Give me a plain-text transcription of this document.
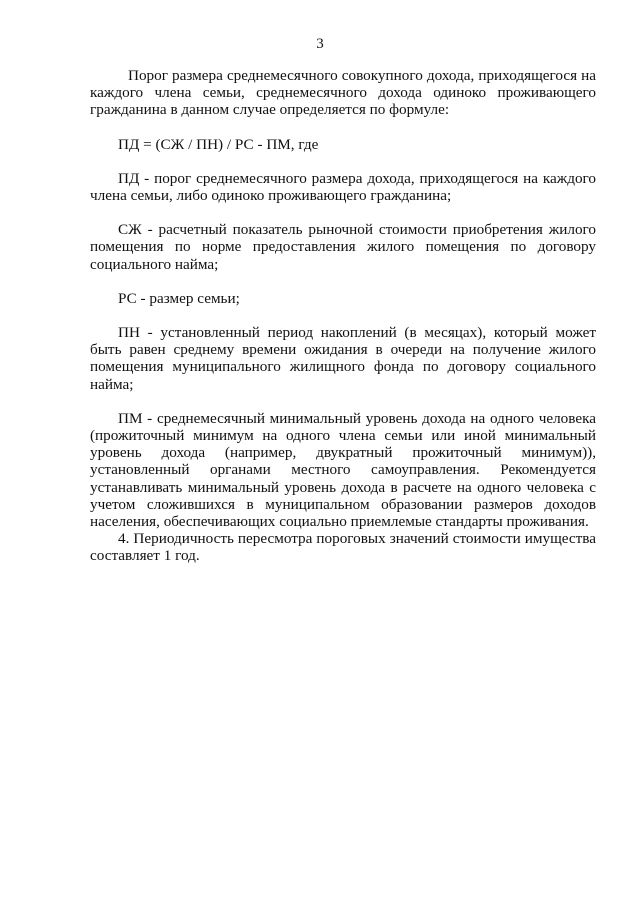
3

Порог размера среднемесячного совокупного дохода, приходящегося на каждого члена семьи, среднемесячного дохода одиноко проживающего гражданина в данном случае определяется по формуле:

ПД = (СЖ / ПН) / РС - ПМ, где

ПД - порог среднемесячного размера дохода, приходящегося на каждого члена семьи, либо одиноко проживающего гражданина;

СЖ - расчетный показатель рыночной стоимости приобретения жилого помещения по норме предоставления жилого помещения по договору социального найма;

РС - размер семьи;

ПН - установленный период накоплений (в месяцах), который может быть равен среднему времени ожидания в очереди на получение жилого помещения муниципального жилищного фонда по договору социального найма;

ПМ - среднемесячный минимальный уровень дохода на одного человека (прожиточный минимум на одного члена семьи или иной минимальный уровень дохода (например, двукратный прожиточный минимум)), установленный органами местного самоуправления. Рекомендуется устанавливать минимальный уровень дохода в расчете на одного человека с учетом сложившихся в муниципальном образовании размеров доходов населения, обеспечивающих социально приемлемые стандарты проживания.

4. Периодичность пересмотра пороговых значений стоимости имущества составляет 1 год.
